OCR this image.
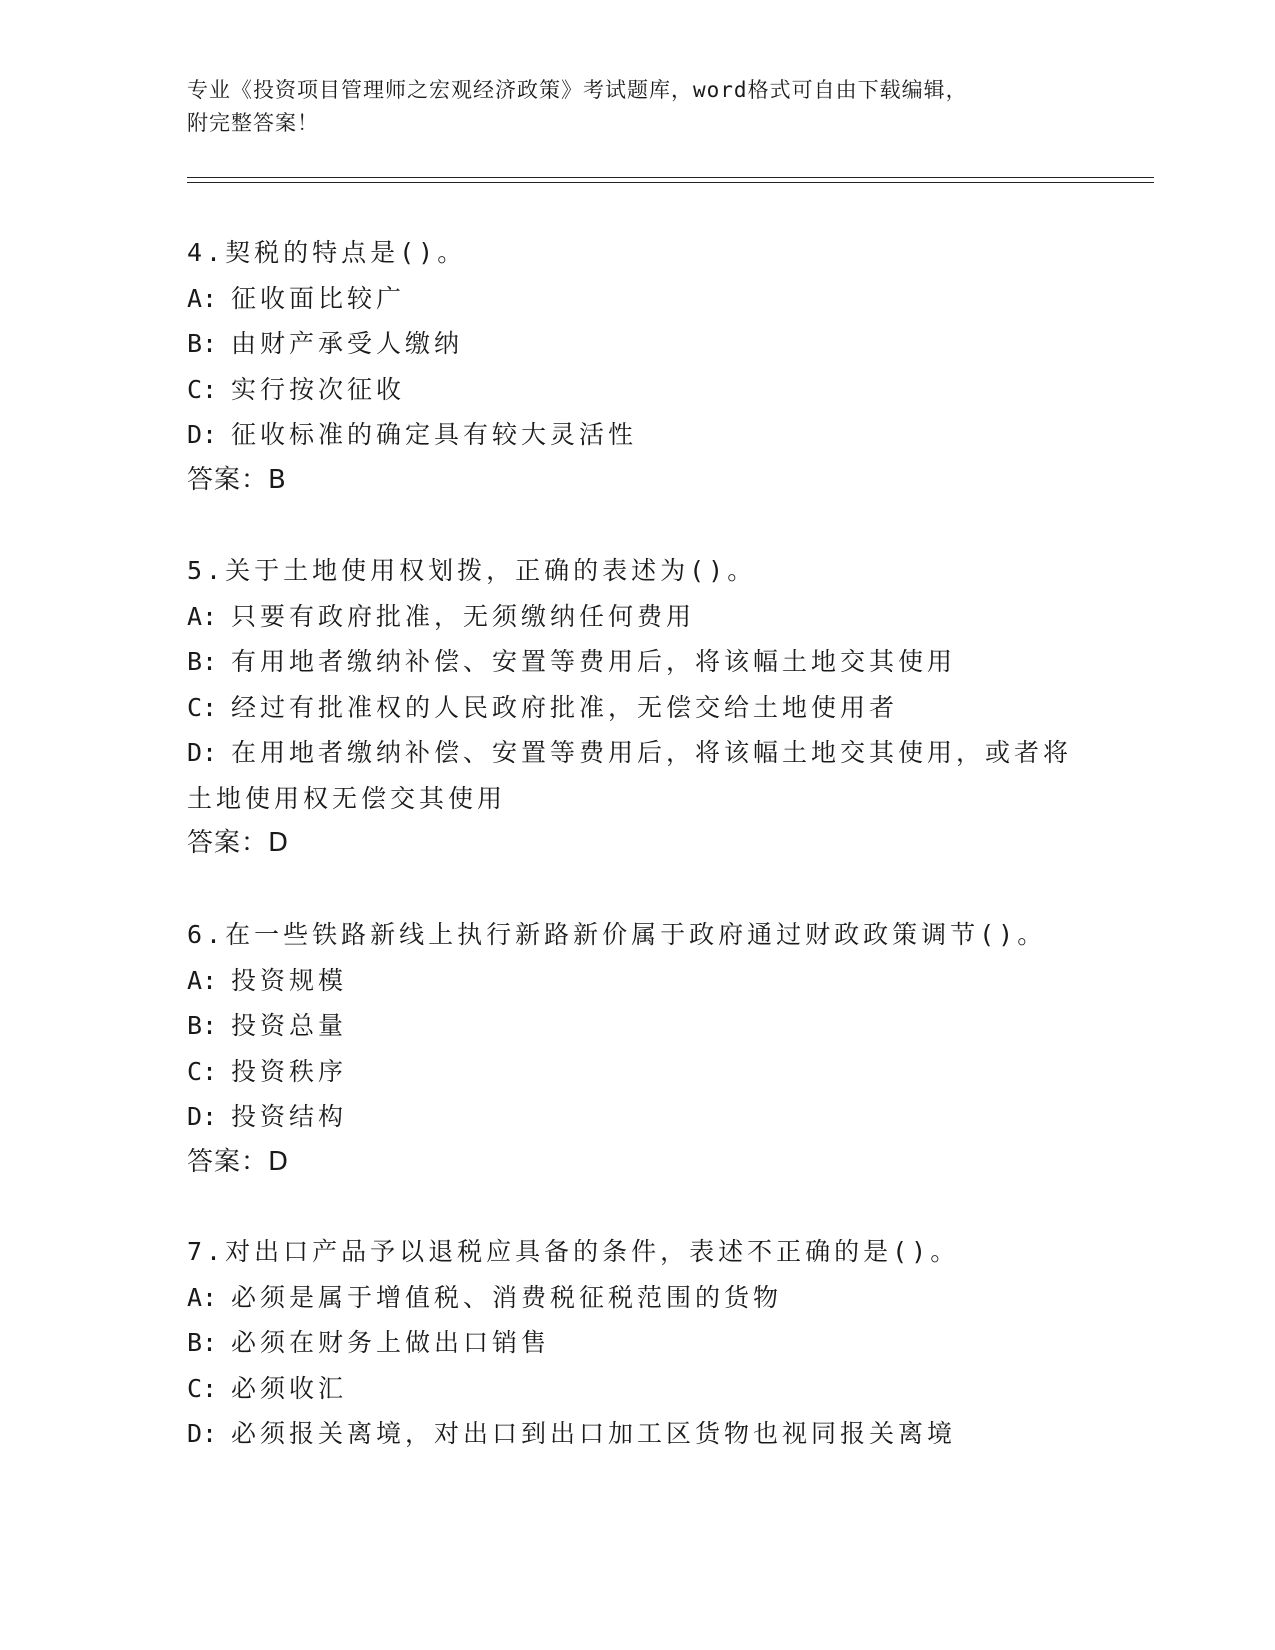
专业《投资项目管理师之宏观经济政策》考试题库，word格式可自由下载编辑，
附完整答案！
4.契税的特点是()。
A: 征收面比较广
B: 由财产承受人缴纳
C: 实行按次征收
D: 征收标准的确定具有较大灵活性
答案：B
5.关于土地使用权划拨，正确的表述为()。
A: 只要有政府批准，无须缴纳任何费用
B: 有用地者缴纳补偿、安置等费用后，将该幅土地交其使用
C: 经过有批准权的人民政府批准，无偿交给土地使用者
D: 在用地者缴纳补偿、安置等费用后，将该幅土地交其使用，或者将
土地使用权无偿交其使用
答案：D
6.在一些铁路新线上执行新路新价属于政府通过财政政策调节()。
A: 投资规模
B: 投资总量
C: 投资秩序
D: 投资结构
答案：D
7.对出口产品予以退税应具备的条件，表述不正确的是()。
A: 必须是属于增值税、消费税征税范围的货物
B: 必须在财务上做出口销售
C: 必须收汇
D: 必须报关离境，对出口到出口加工区货物也视同报关离境
